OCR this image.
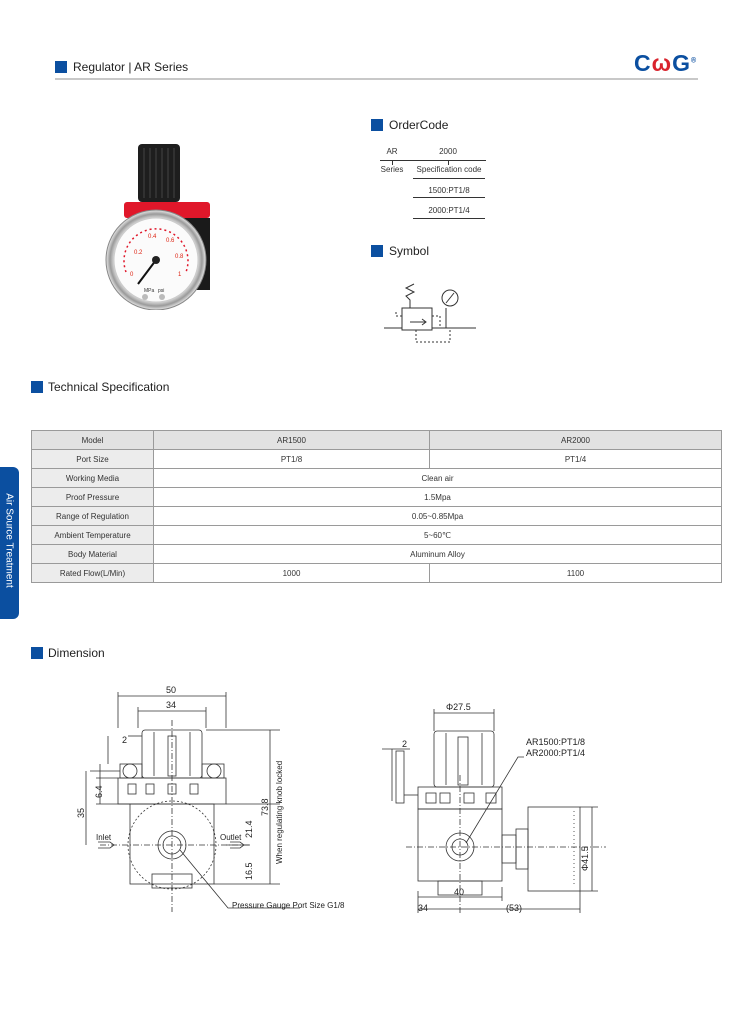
Regulator | AR Series	CωG®
MPa psi
0
0.2
0.4
0.6
0.8
1
OrderCode
AR	2000
Series	Specification code
1500:PT1/8
2000:PT1/4
Symbol
Technical Specification
Model	AR1500	AR2000
Port Size	PT1/8	PT1/4
Working Media	Clean air	
Proof Pressure	1.5Mpa	
Range of Regulation	0.05~0.85Mpa	
Ambient Temperature	5~60℃	
Body Material	Aluminum Alloy	
Rated Flow(L/Min)	1000	1100
Air Source Treatment
Dimension
50
34
2
6.4
35	73.8
21.4
16.5
When regulating knob locked
Inlet	Outlet
Pressure Gauge Port Size G1/8
Φ27.5
2	AR1500:PT1/8
AR2000:PT1/4
Φ41.5
40
34	(53)
